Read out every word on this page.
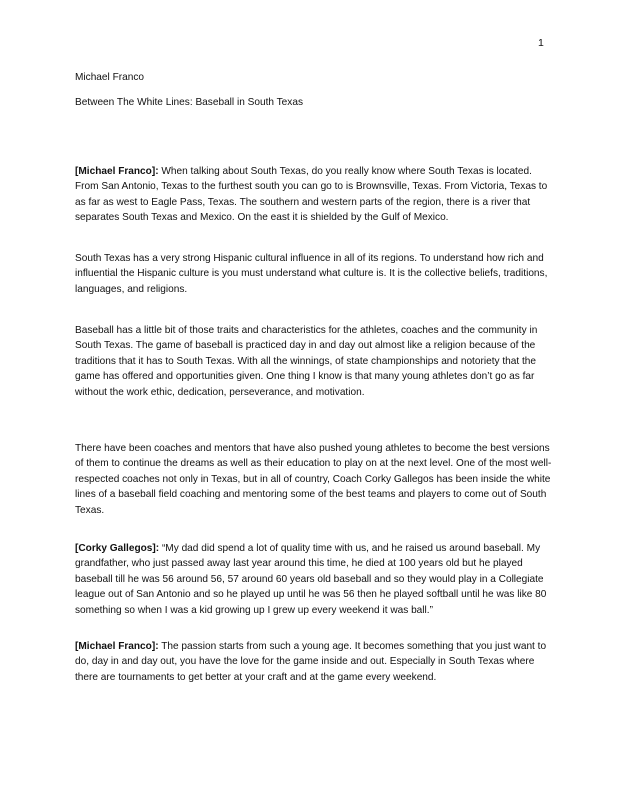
1
Michael Franco
Between The White Lines: Baseball in South Texas

[Michael Franco]: When talking about South Texas, do you really know where South Texas is located. From San Antonio, Texas to the furthest south you can go to is Brownsville, Texas. From Victoria, Texas to as far as west to Eagle Pass, Texas. The southern and western parts of the region, there is a river that separates South Texas and Mexico. On the east it is shielded by the Gulf of Mexico.

South Texas has a very strong Hispanic cultural influence in all of its regions. To understand how rich and influential the Hispanic culture is you must understand what culture is. It is the collective beliefs, traditions, languages, and religions.

Baseball has a little bit of those traits and characteristics for the athletes, coaches and the community in South Texas. The game of baseball is practiced day in and day out almost like a religion because of the traditions that it has to South Texas. With all the winnings, of state championships and notoriety that the game has offered and opportunities given. One thing I know is that many young athletes don’t go as far without the work ethic, dedication, perseverance, and motivation.

There have been coaches and mentors that have also pushed young athletes to become the best versions of them to continue the dreams as well as their education to play on at the next level. One of the most well-respected coaches not only in Texas, but in all of country, Coach Corky Gallegos has been inside the white lines of a baseball field coaching and mentoring some of the best teams and players to come out of South Texas.

[Corky Gallegos]: “My dad did spend a lot of quality time with us, and he raised us around baseball. My grandfather, who just passed away last year around this time, he died at 100 years old but he played baseball till he was 56 around 56, 57 around 60 years old baseball and so they would play in a Collegiate league out of San Antonio and so he played up until he was 56 then he played softball until he was like 80 something so when I was a kid growing up I grew up every weekend it was ball.”

[Michael Franco]: The passion starts from such a young age. It becomes something that you just want to do, day in and day out, you have the love for the game inside and out. Especially in South Texas where there are tournaments to get better at your craft and at the game every weekend.
